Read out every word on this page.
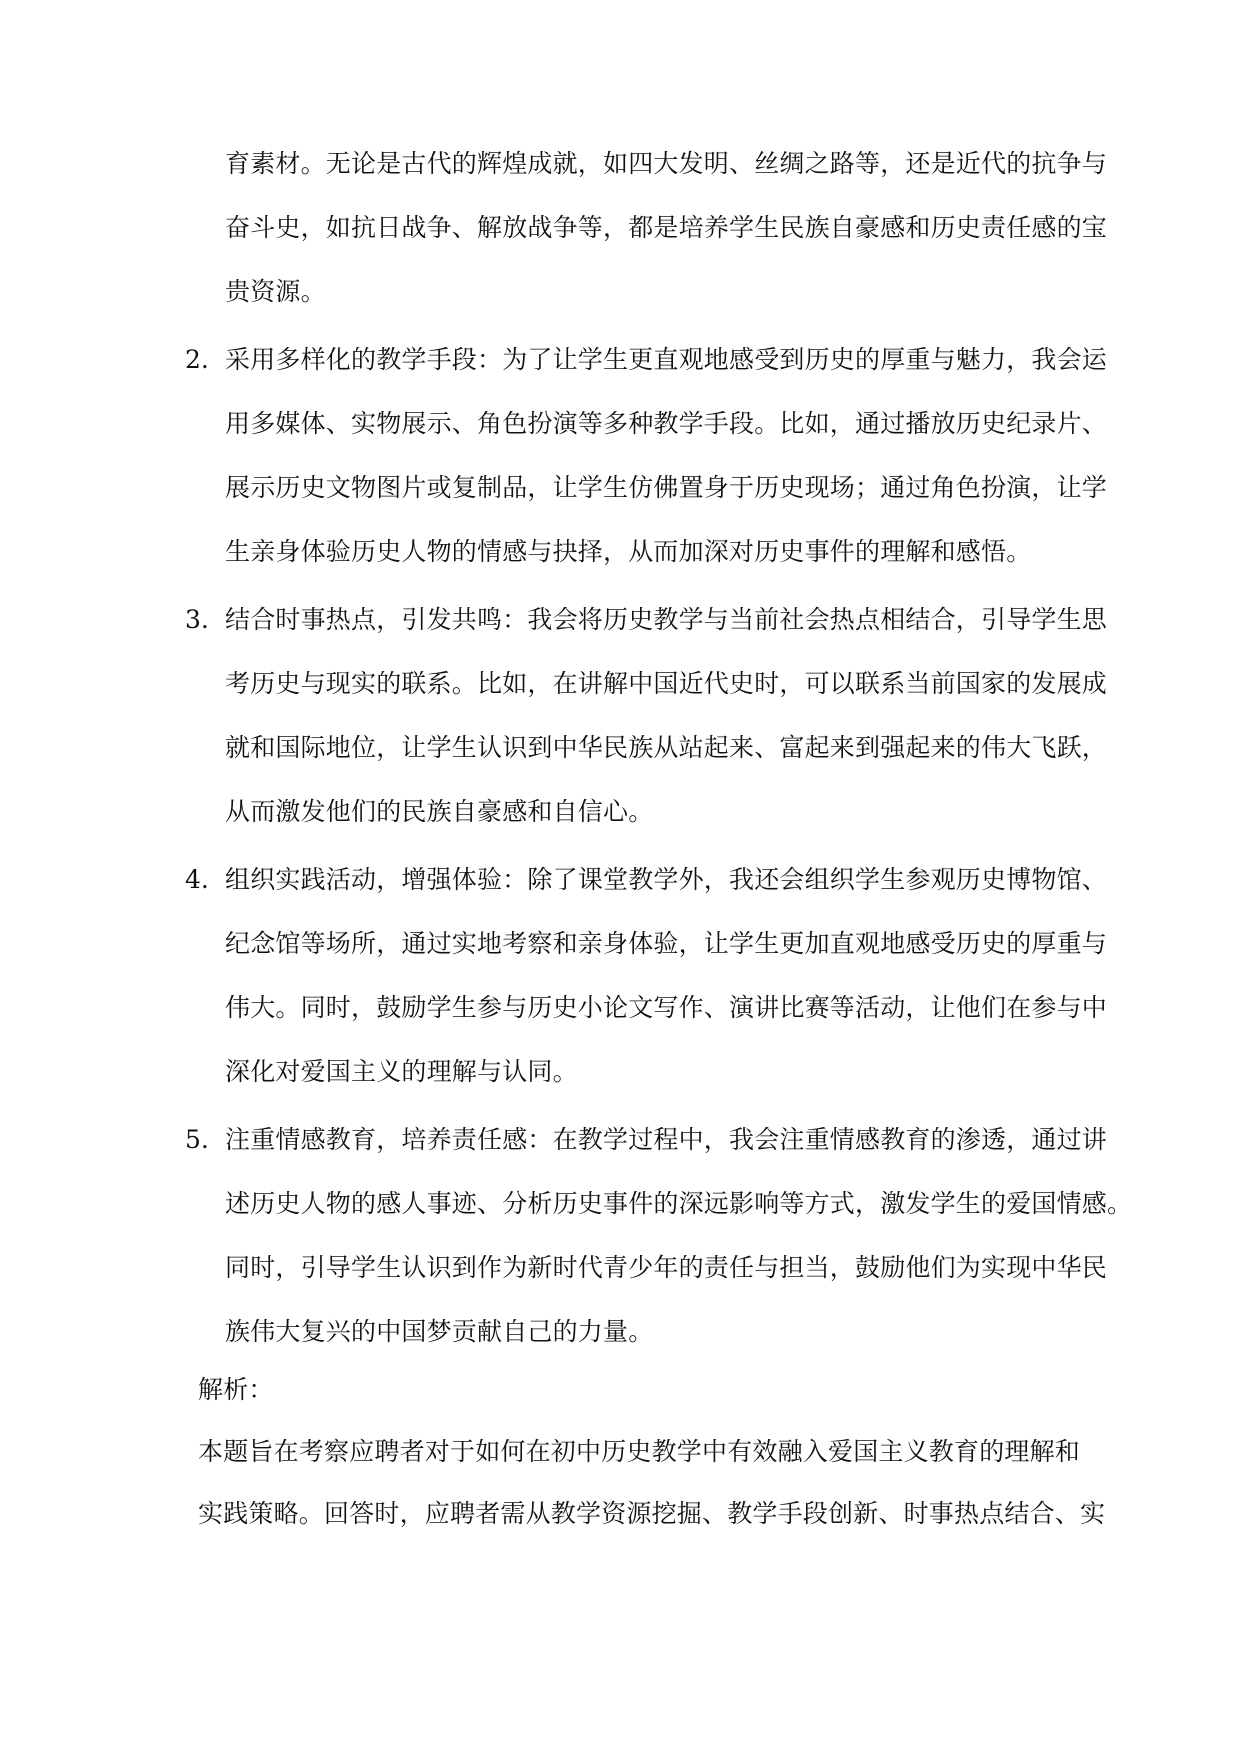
育素材。无论是古代的辉煌成就，如四大发明、丝绸之路等，还是近代的抗争与
奋斗史，如抗日战争、解放战争等，都是培养学生民族自豪感和历史责任感的宝
贵资源。
2. 采用多样化的教学手段：为了让学生更直观地感受到历史的厚重与魅力，我会运
用多媒体、实物展示、角色扮演等多种教学手段。比如，通过播放历史纪录片、
展示历史文物图片或复制品，让学生仿佛置身于历史现场；通过角色扮演，让学
生亲身体验历史人物的情感与抉择，从而加深对历史事件的理解和感悟。
3. 结合时事热点，引发共鸣：我会将历史教学与当前社会热点相结合，引导学生思
考历史与现实的联系。比如，在讲解中国近代史时，可以联系当前国家的发展成
就和国际地位，让学生认识到中华民族从站起来、富起来到强起来的伟大飞跃，
从而激发他们的民族自豪感和自信心。
4. 组织实践活动，增强体验：除了课堂教学外，我还会组织学生参观历史博物馆、
纪念馆等场所，通过实地考察和亲身体验，让学生更加直观地感受历史的厚重与
伟大。同时，鼓励学生参与历史小论文写作、演讲比赛等活动，让他们在参与中
深化对爱国主义的理解与认同。
5. 注重情感教育，培养责任感：在教学过程中，我会注重情感教育的渗透，通过讲
述历史人物的感人事迹、分析历史事件的深远影响等方式，激发学生的爱国情感。
同时，引导学生认识到作为新时代青少年的责任与担当，鼓励他们为实现中华民
族伟大复兴的中国梦贡献自己的力量。
解析：
本题旨在考察应聘者对于如何在初中历史教学中有效融入爱国主义教育的理解和
实践策略。回答时，应聘者需从教学资源挖掘、教学手段创新、时事热点结合、实
